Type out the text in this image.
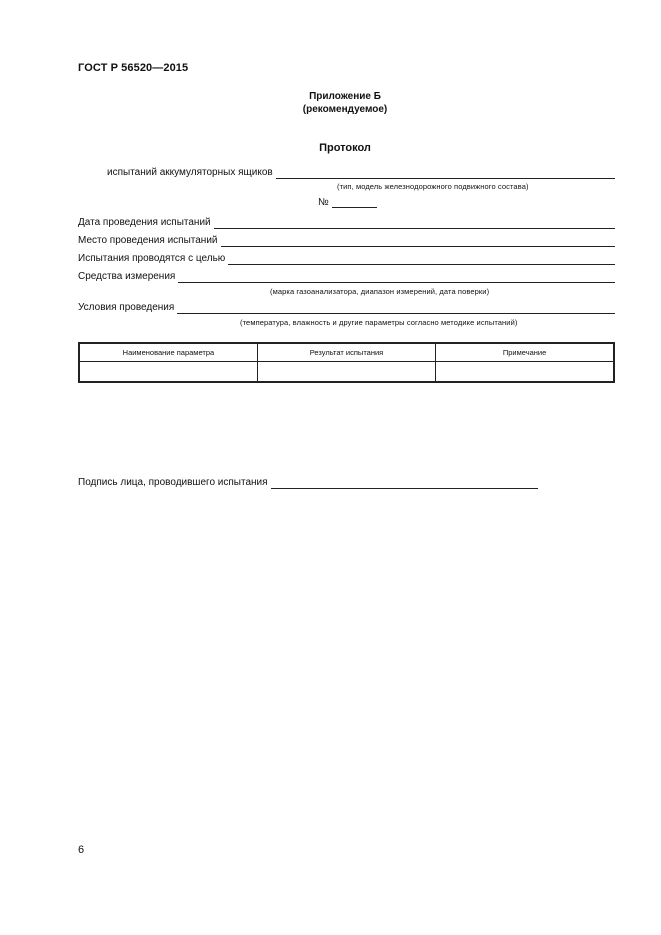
ГОСТ Р 56520—2015
Приложение Б
(рекомендуемое)
Протокол
испытаний аккумуляторных ящиков
(тип, модель железнодорожного подвижного состава)
№
Дата проведения испытаний
Место проведения испытаний
Испытания проводятся с целью
Средства измерения
(марка газоанализатора, диапазон измерений, дата поверки)
Условия проведения
(температура, влажность и другие параметры согласно методике испытаний)
Наименование параметра	Результат испытания	Примечание

Подпись лица, проводившего испытания
6
